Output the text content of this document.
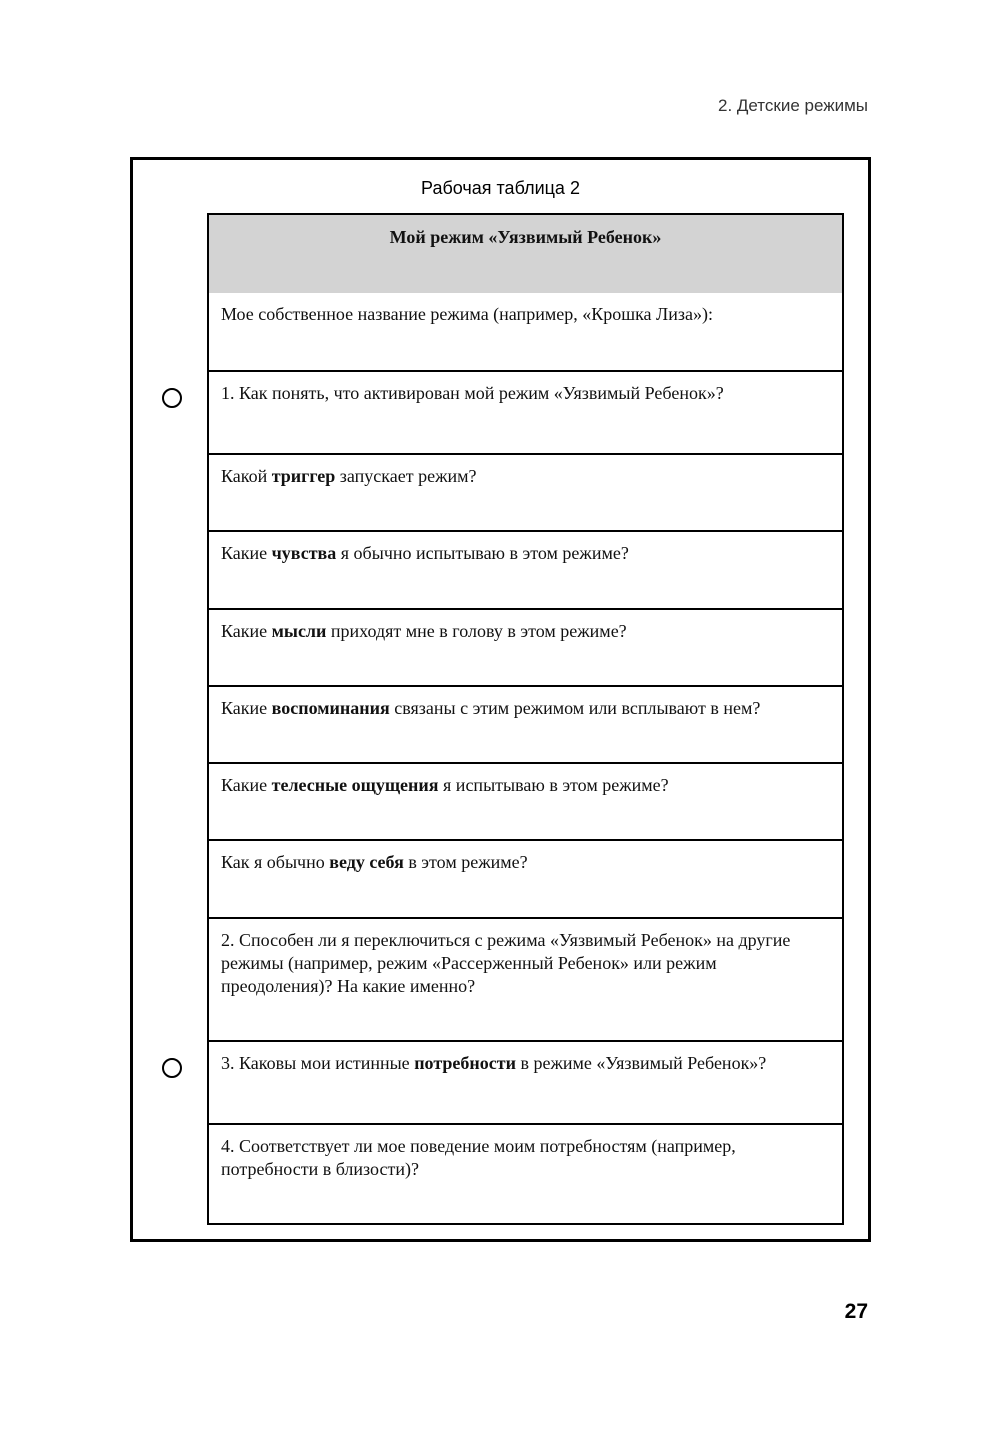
2. Детские режимы
Рабочая таблица 2
Мой режим «Уязвимый Ребенок»
Мое собственное название режима (например, «Крошка Лиза»):
1. Как понять, что активирован мой режим «Уязвимый Ребенок»?
Какой триггер запускает режим?
Какие чувства я обычно испытываю в этом режиме?
Какие мысли приходят мне в голову в этом режиме?
Какие воспоминания связаны с этим режимом или всплывают в нем?
Какие телесные ощущения я испытываю в этом режиме?
Как я обычно веду себя в этом режиме?
2. Способен ли я переключиться с режима «Уязвимый Ребенок» на другие режимы (например, режим «Рассерженный Ребенок» или режим преодоления)? На какие именно?
3. Каковы мои истинные потребности в режиме «Уязвимый Ребенок»?
4. Соответствует ли мое поведение моим потребностям (например, потребности в близости)?
27
